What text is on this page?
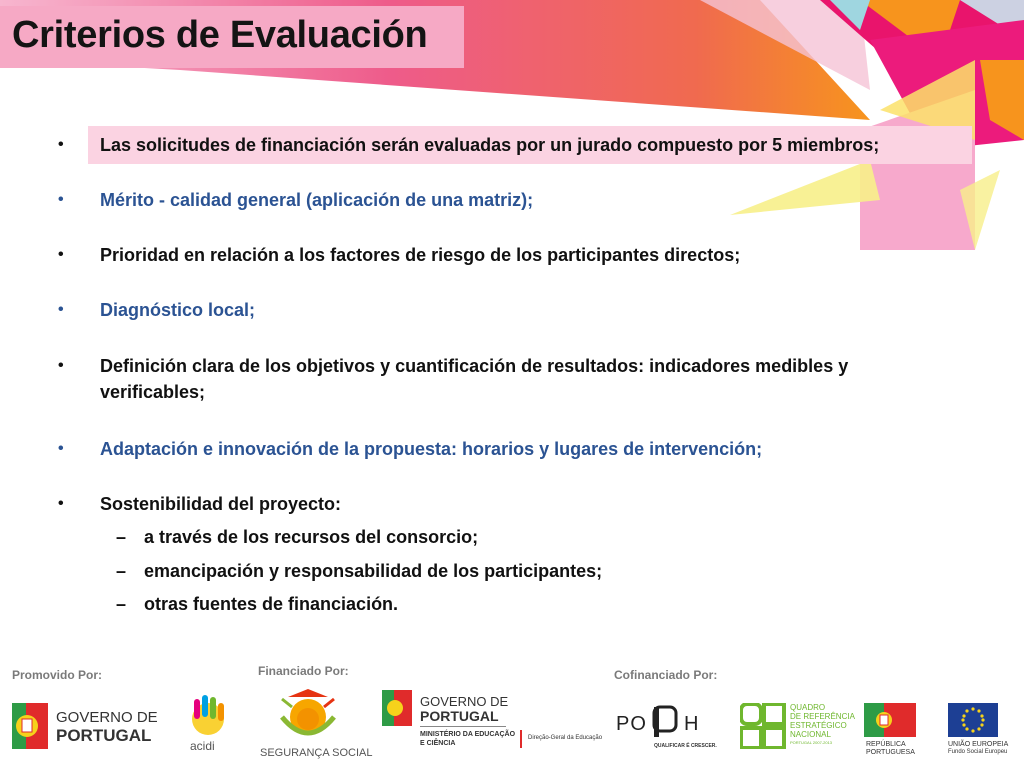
Criterios de Evaluación
• Las solicitudes de financiación serán evaluadas por un jurado compuesto por 5 miembros;
• Mérito - calidad general (aplicación de una matriz);
• Prioridad en relación a los factores de riesgo de los participantes directos;
• Diagnóstico local;
• Definición clara de los objetivos y cuantificación de resultados: indicadores medibles y verificables;
• Adaptación e innovación de la propuesta: horarios y lugares de intervención;
• Sostenibilidad del proyecto:
– a través de los recursos del consorcio;
– emancipación y responsabilidad de los participantes;
– otras fuentes de financiación.
Promovido Por:	Financiado Por:	Cofinanciado Por:
GOVERNO DE
PORTUGAL
acidi	SEGURANÇA SOCIAL
GOVERNO DE
PORTUGAL
MINISTÉRIO DA EDUCAÇÃO
E CIÊNCIA
Direção-Geral da Educação
PO H
QUALIFICAR É CRESCER.
QUADRO
DE REFERÊNCIA
ESTRATÉGICO
NACIONAL
PORTUGAL 2007-2013	REPÚBLICA
PORTUGUESA
UNIÃO EUROPEIA
Fundo Social Europeu
